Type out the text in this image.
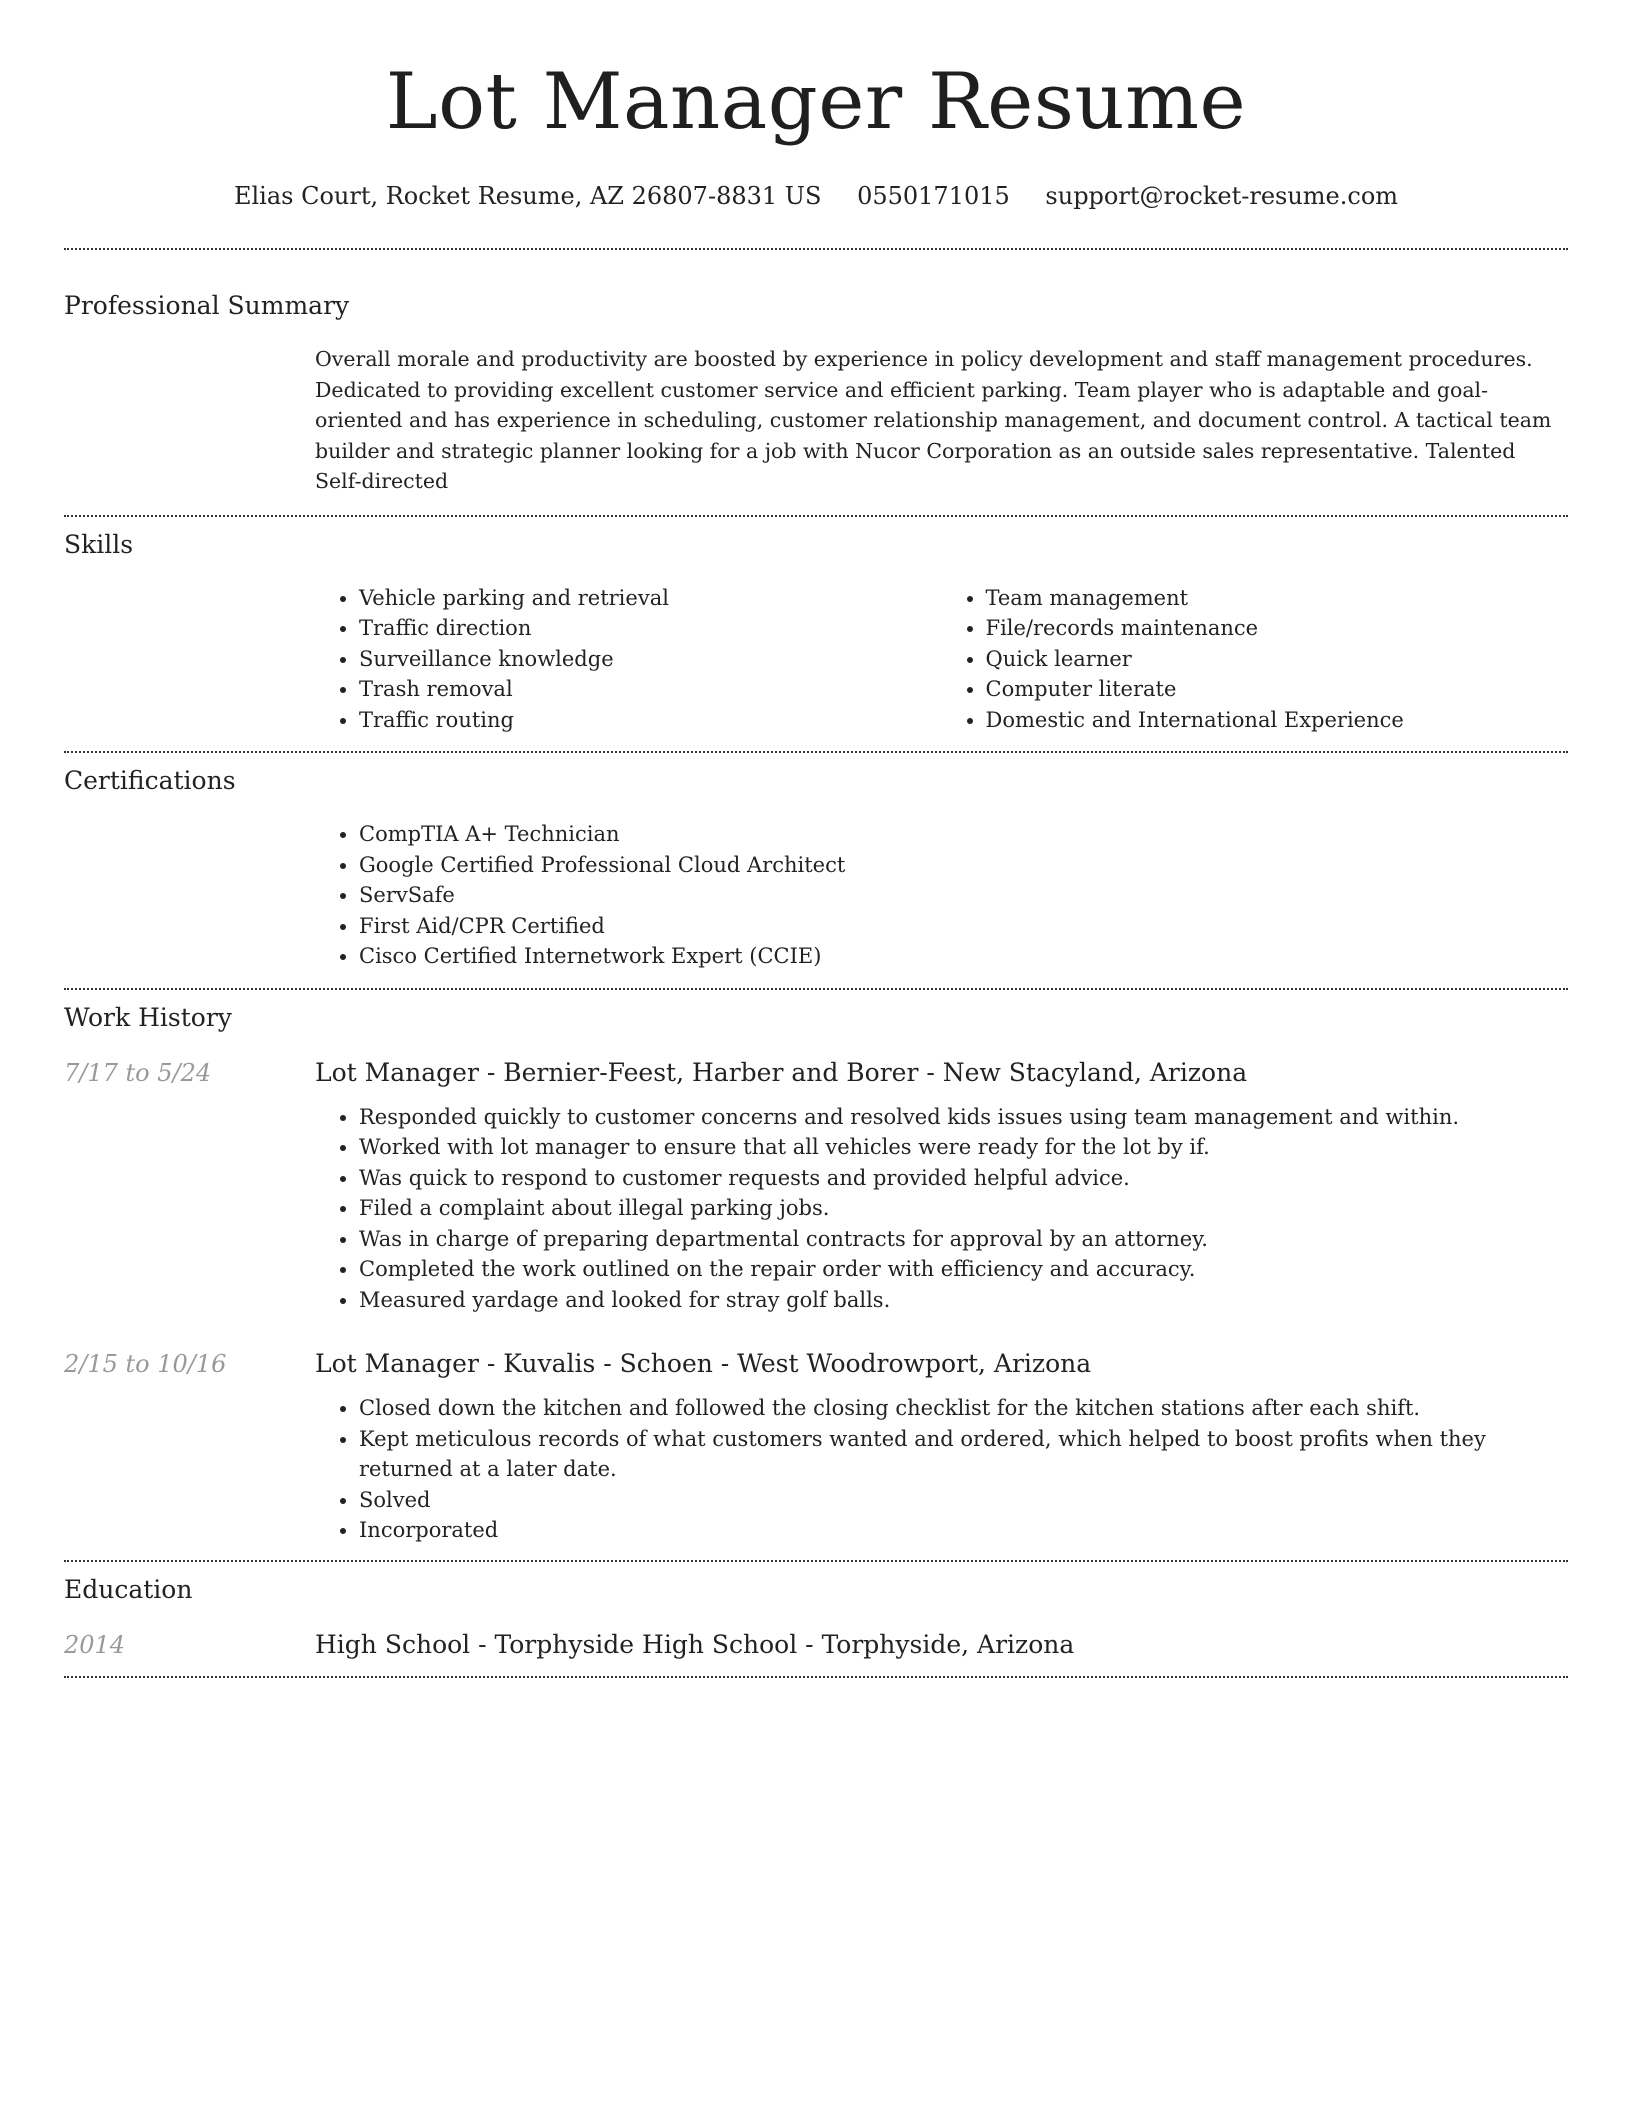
Lot Manager Resume
Elias Court, Rocket Resume, AZ 26807-8831 US 0550171015 support@rocket-resume.com
Professional Summary

Overall morale and productivity are boosted by experience in policy development and staff management procedures. Dedicated to providing excellent customer service and efficient parking. Team player who is adaptable and goal-oriented and has experience in scheduling, customer relationship management, and document control. A tactical team builder and strategic planner looking for a job with Nucor Corporation as an outside sales representative. Talented Self-directed

Skills
• Vehicle parking and retrieval
• Traffic direction
• Surveillance knowledge
• Trash removal
• Traffic routing
• Team management
• File/records maintenance
• Quick learner
• Computer literate
• Domestic and International Experience
Certifications
• CompTIA A+ Technician
• Google Certified Professional Cloud Architect
• ServSafe
• First Aid/CPR Certified
• Cisco Certified Internetwork Expert (CCIE)
Work History
7/17 to 5/24	Lot Manager - Bernier-Feest, Harber and Borer - New Stacyland, Arizona
• Responded quickly to customer concerns and resolved kids issues using team management and within.
• Worked with lot manager to ensure that all vehicles were ready for the lot by if.
• Was quick to respond to customer requests and provided helpful advice.
• Filed a complaint about illegal parking jobs.
• Was in charge of preparing departmental contracts for approval by an attorney.
• Completed the work outlined on the repair order with efficiency and accuracy.
• Measured yardage and looked for stray golf balls.
2/15 to 10/16	Lot Manager - Kuvalis - Schoen - West Woodrowport, Arizona
• Closed down the kitchen and followed the closing checklist for the kitchen stations after each shift.
• Kept meticulous records of what customers wanted and ordered, which helped to boost profits when they returned at a later date.
• Solved
• Incorporated
Education
2014	High School - Torphyside High School - Torphyside, Arizona
